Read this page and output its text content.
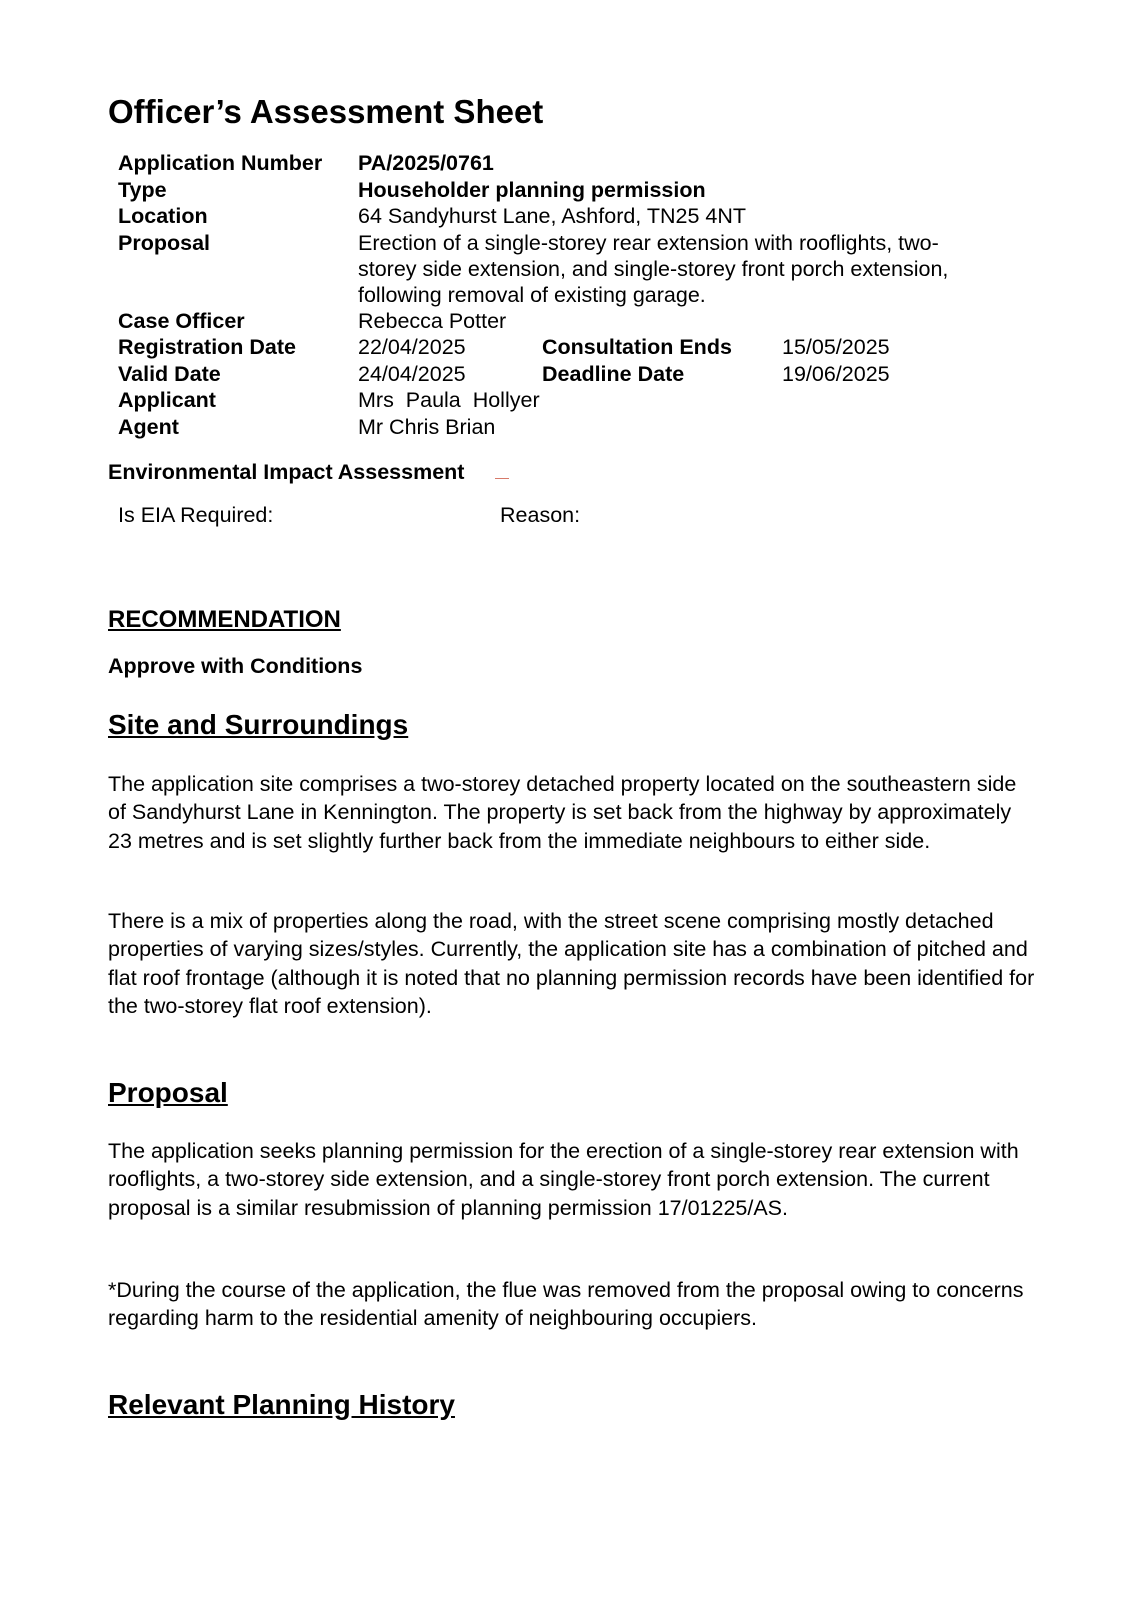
Officer’s Assessment Sheet
Application Number PA/2025/0761
Type	Householder planning permission
Location	64 Sandyhurst Lane, Ashford, TN25 4NT
Proposal	Erection of a single-storey rear extension with rooflights, two-
storey side extension, and single-storey front porch extension,
following removal of existing garage.
Case Officer	Rebecca Potter
Registration Date	22/04/2025	Consultation Ends 15/05/2025
Valid Date	24/04/2025	Deadline Date	19/06/2025
Applicant	Mrs  Paula  Hollyer
Agent	Mr Chris Brian
Environmental Impact Assessment
Is EIA Required:	Reason:
RECOMMENDATION
Approve with Conditions
Site and Surroundings

The application site comprises a two-storey detached property located on the southeastern side of Sandyhurst Lane in Kennington. The property is set back from the highway by approximately 23 metres and is set slightly further back from the immediate neighbours to either side.

There is a mix of properties along the road, with the street scene comprising mostly detached properties of varying sizes/styles. Currently, the application site has a combination of pitched and flat roof frontage (although it is noted that no planning permission records have been identified for the two-storey flat roof extension).

Proposal

The application seeks planning permission for the erection of a single-storey rear extension with rooflights, a two-storey side extension, and a single-storey front porch extension. The current proposal is a similar resubmission of planning permission 17/01225/AS.

*During the course of the application, the flue was removed from the proposal owing to concerns regarding harm to the residential amenity of neighbouring occupiers.

Relevant Planning History
